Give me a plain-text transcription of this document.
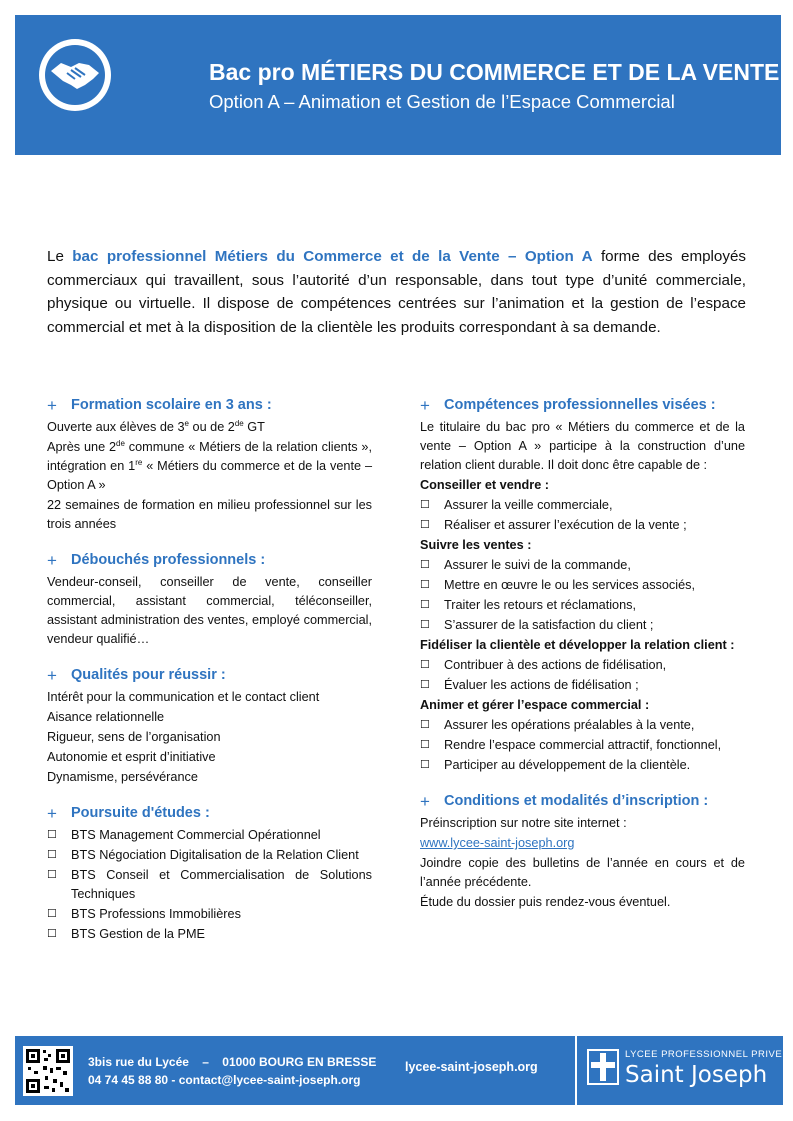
Bac pro MÉTIERS DU COMMERCE ET DE LA VENTE
Option A – Animation et Gestion de l’Espace Commercial
Le bac professionnel Métiers du Commerce et de la Vente – Option A forme des employés commerciaux qui travaillent, sous l’autorité d’un responsable, dans tout type d’unité commerciale, physique ou virtuelle. Il dispose de compétences centrées sur l’animation et la gestion de l’espace commercial et met à la disposition de la clientèle les produits correspondant à sa demande.
+ Formation scolaire en 3 ans :
Ouverte aux élèves de 3e ou de 2de GT
Après une 2de commune « Métiers de la relation clients », intégration en 1re « Métiers du commerce et de la vente – Option A »
22 semaines de formation en milieu professionnel sur les trois années
+ Débouchés professionnels :
Vendeur-conseil, conseiller de vente, conseiller commercial, assistant commercial, téléconseiller, assistant administration des ventes, employé commercial, vendeur qualifié…
+ Qualités pour réussir :
Intérêt pour la communication et le contact client
Aisance relationnelle
Rigueur, sens de l’organisation
Autonomie et esprit d’initiative
Dynamisme, persévérance
+ Poursuite d'études :
☐	BTS Management Commercial Opérationnel
☐	BTS Négociation Digitalisation de la Relation Client
☐	BTS Conseil et Commercialisation de Solutions Techniques
☐	BTS Professions Immobilières
☐	BTS Gestion de la PME
+ Compétences professionnelles visées :
Le titulaire du bac pro « Métiers du commerce et de la vente – Option A » participe à la construction d’une relation client durable. Il doit donc être capable de :
Conseiller et vendre :
☐	Assurer la veille commerciale,
☐	Réaliser et assurer l’exécution de la vente ;
Suivre les ventes :
☐	Assurer le suivi de la commande,
☐	Mettre en œuvre le ou les services associés,
☐	Traiter les retours et réclamations,
☐	S’assurer de la satisfaction du client ;
Fidéliser la clientèle et développer la relation client :
☐	Contribuer à des actions de fidélisation,
☐	Évaluer les actions de fidélisation ;
Animer et gérer l’espace commercial :
☐	Assurer les opérations préalables à la vente,
☐	Rendre l’espace commercial attractif, fonctionnel,
☐	Participer au développement de la clientèle.
+ Conditions et modalités d’inscription :
Préinscription sur notre site internet :
www.lycee-saint-joseph.org
Joindre copie des bulletins de l’année en cours et de l’année précédente.
Étude du dossier puis rendez-vous éventuel.
3bis rue du Lycée    –    01000 BOURG EN BRESSE
04 74 45 88 80 - contact@lycee-saint-joseph.org
lycee-saint-joseph.org
LYCEE PROFESSIONNEL PRIVE
Saint Joseph
